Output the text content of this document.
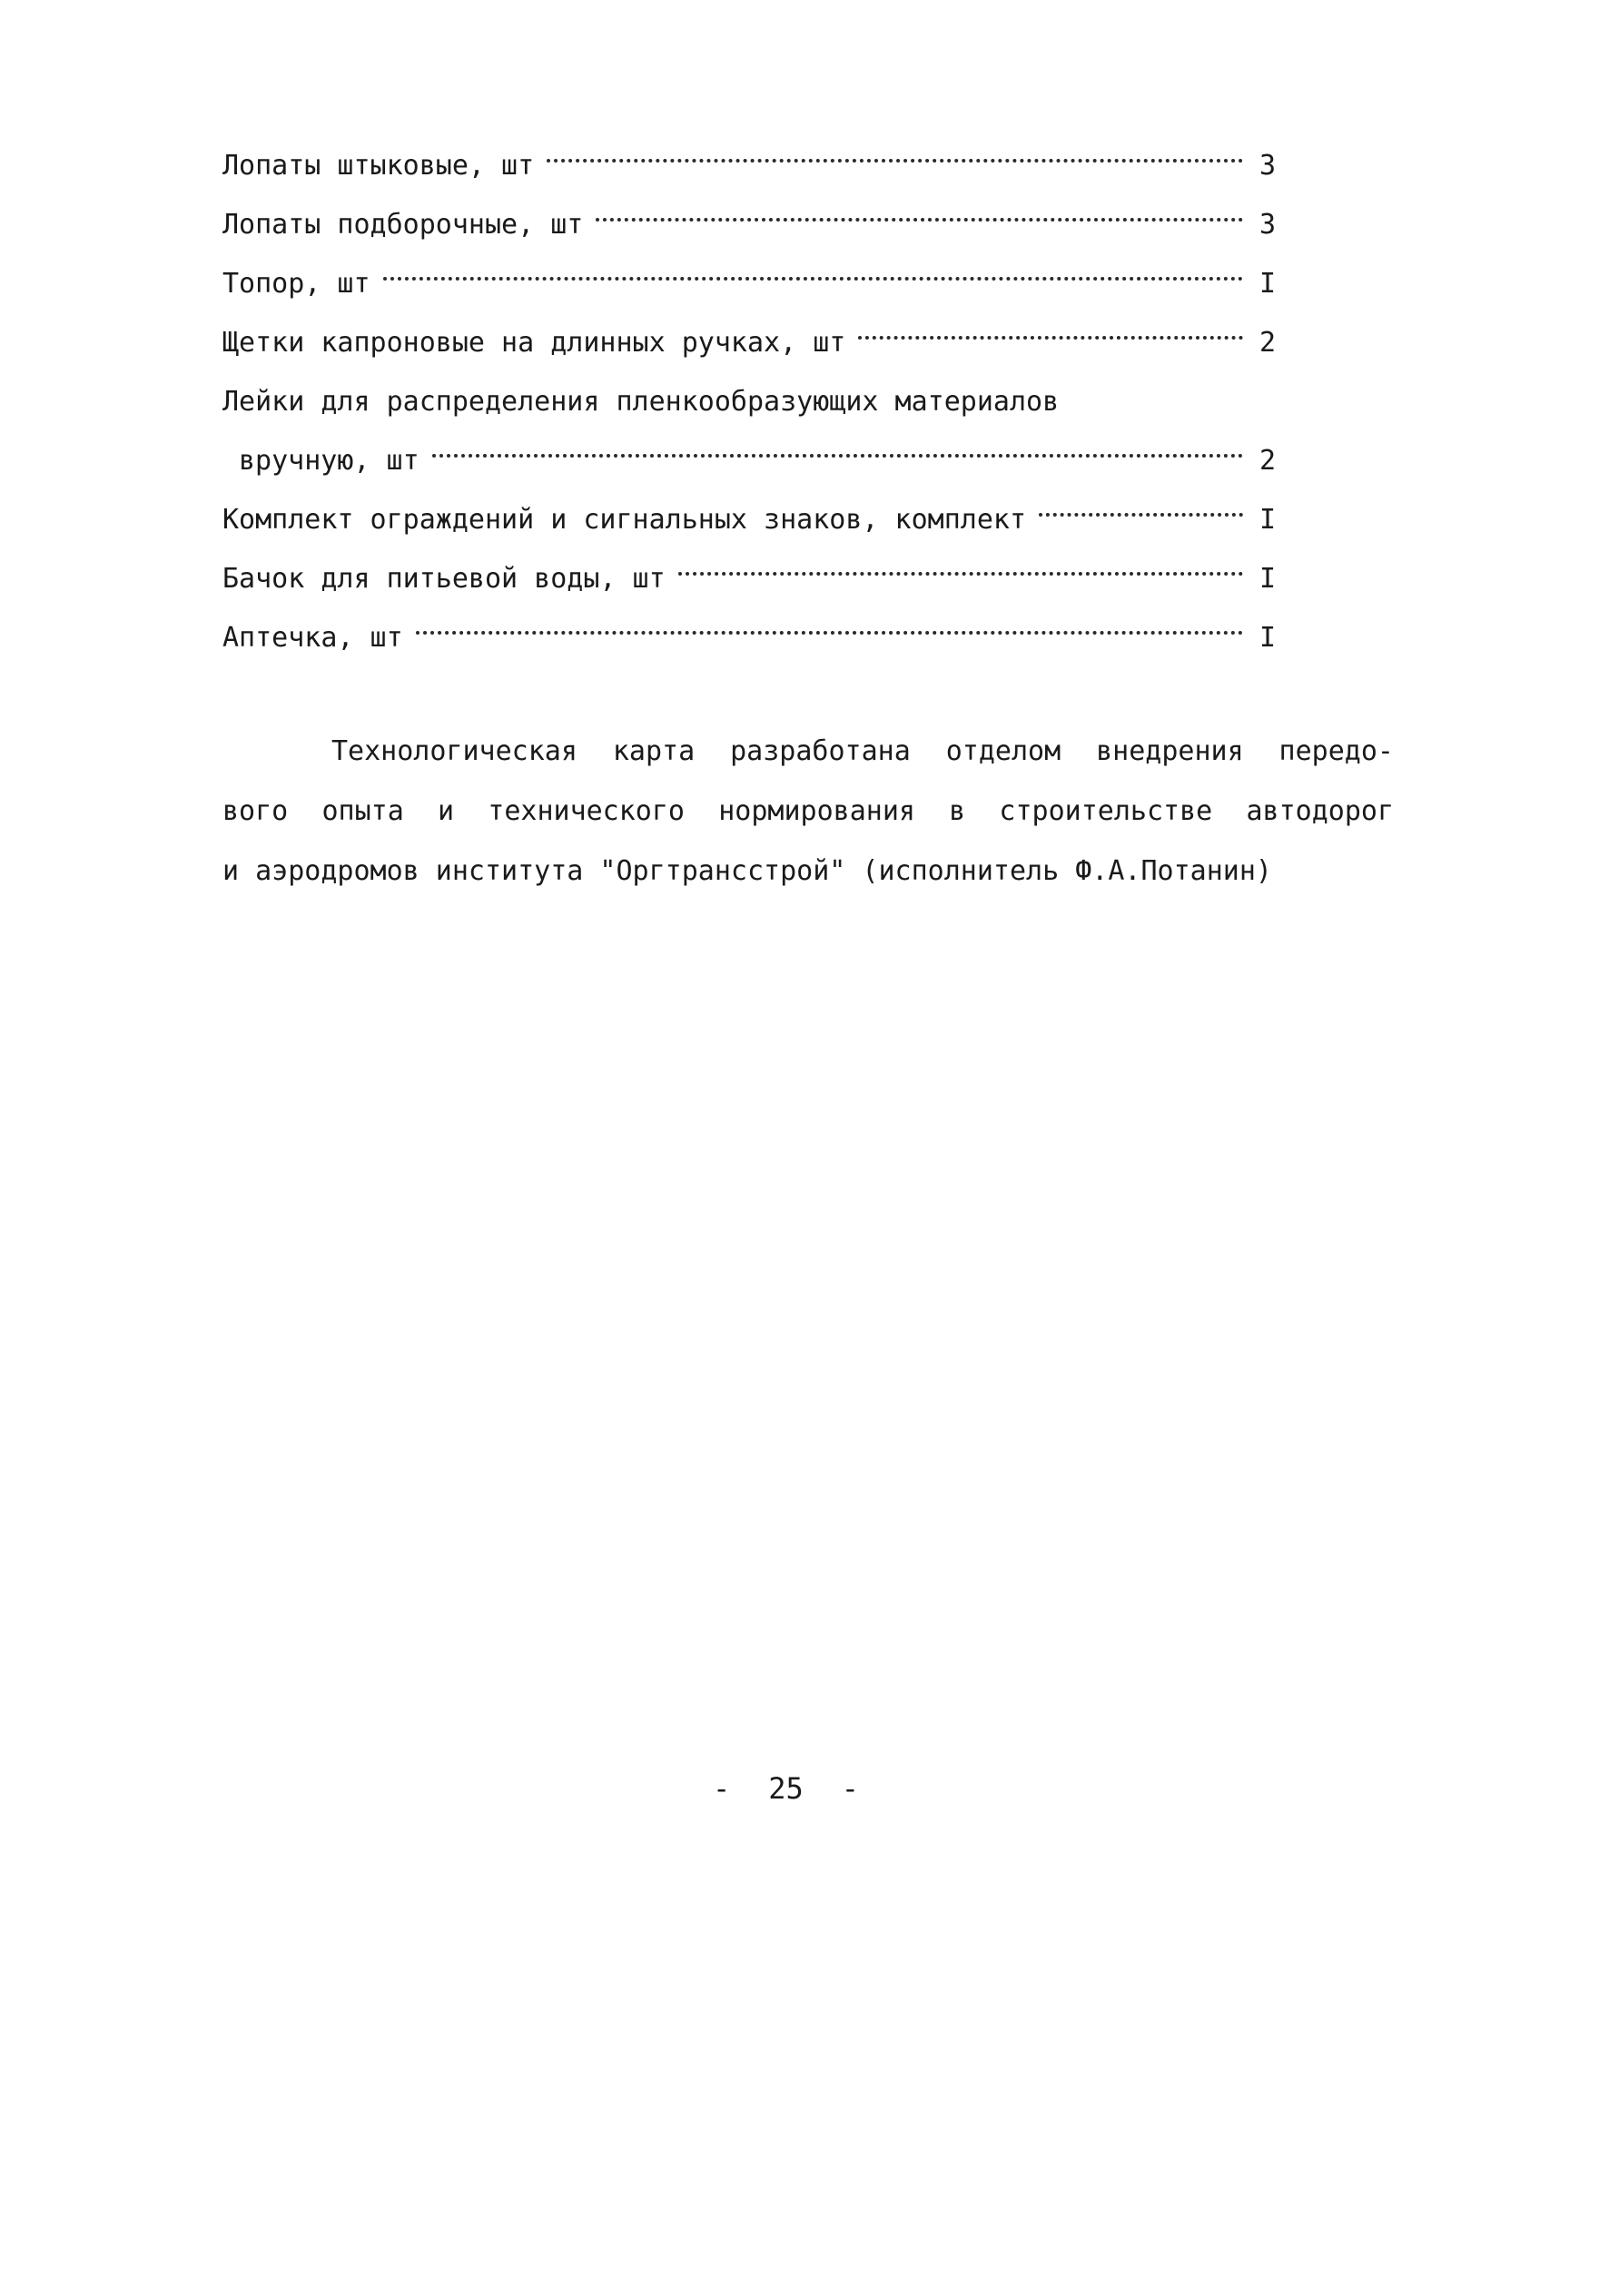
Лопаты штыковые, шт	3
Лопаты подборочные, шт	3
Топор, шт	I
Щетки капроновые на длинных ручках, шт	2
Лейки для распределения пленкообразующих материалов
вручную, шт	2
Комплект ограждений и сигнальных знаков, комплект	I
Бачок для питьевой воды, шт	I
Аптечка, шт	I

Технологическая карта разработана отделом внедрения передо-
вого опыта и технического нормирования в строительстве автодорог
и аэродромов института "Оргтрансстрой" (исполнитель Ф.А.Потанин)

- 25 -
